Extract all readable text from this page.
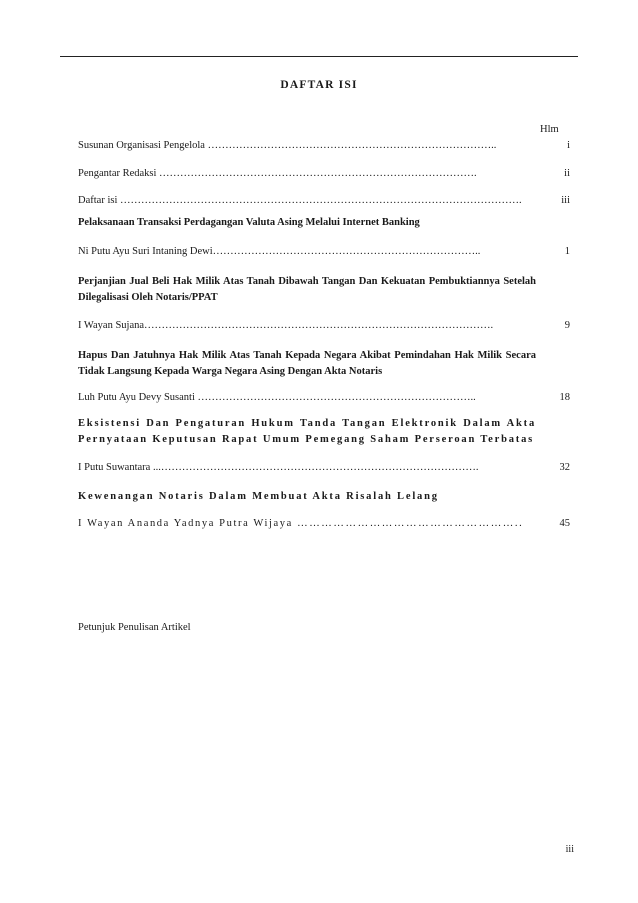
DAFTAR ISI
Hlm
Susunan Organisasi Pengelola ………………………………………………………………………..	i
Pengantar Redaksi ……………………………………………………………………………….	ii
Daftar isi …………………………………………………………………………………………………….	iii
Pelaksanaan Transaksi Perdagangan Valuta Asing Melalui Internet Banking
Ni Putu Ayu Suri Intaning Dewi…………………………………………………………………..	1
Perjanjian Jual Beli Hak Milik Atas Tanah Dibawah Tangan Dan Kekuatan Pembuktiannya Setelah Dilegalisasi Oleh Notaris/PPAT
I Wayan Sujana……………………………………………………………………………………….	9
Hapus Dan Jatuhnya Hak Milik Atas Tanah Kepada Negara Akibat Pemindahan Hak Milik Secara Tidak Langsung Kepada Warga Negara Asing Dengan Akta Notaris
Luh Putu Ayu Devy Susanti ……………………………………………………………………..	18
Eksistensi Dan Pengaturan Hukum Tanda Tangan Elektronik Dalam Akta Pernyataan Keputusan Rapat Umum Pemegang Saham Perseroan Terbatas
I Putu Suwantara ...……………………………………………………………………………….	32
Kewenangan Notaris Dalam Membuat Akta Risalah Lelang
I Wayan Ananda Yadnya Putra Wijaya ………………………………………………..	45
Petunjuk Penulisan Artikel
iii
